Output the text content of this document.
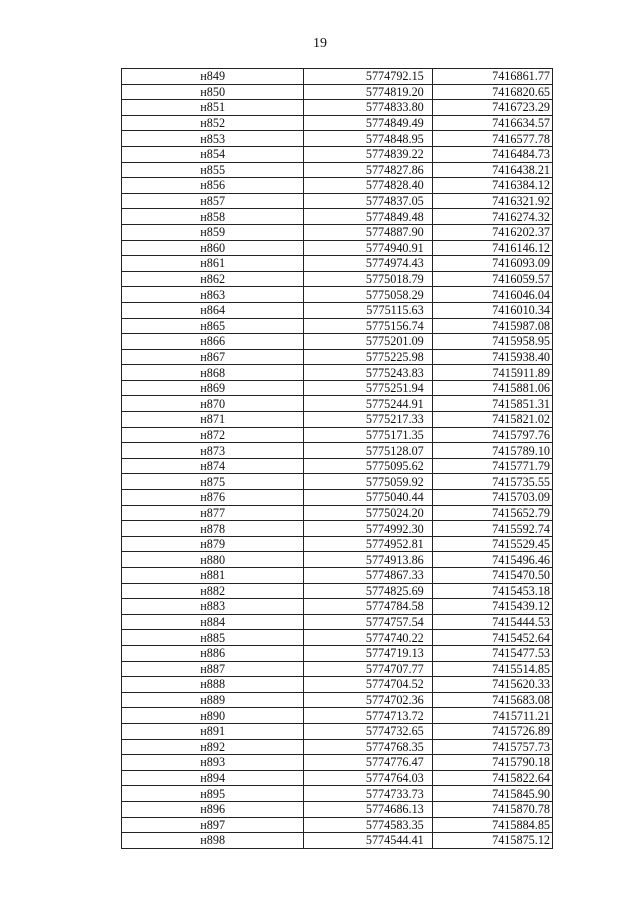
19
н849	5774792.15	7416861.77
н850	5774819.20	7416820.65
н851	5774833.80	7416723.29
н852	5774849.49	7416634.57
н853	5774848.95	7416577.78
н854	5774839.22	7416484.73
н855	5774827.86	7416438.21
н856	5774828.40	7416384.12
н857	5774837.05	7416321.92
н858	5774849.48	7416274.32
н859	5774887.90	7416202.37
н860	5774940.91	7416146.12
н861	5774974.43	7416093.09
н862	5775018.79	7416059.57
н863	5775058.29	7416046.04
н864	5775115.63	7416010.34
н865	5775156.74	7415987.08
н866	5775201.09	7415958.95
н867	5775225.98	7415938.40
н868	5775243.83	7415911.89
н869	5775251.94	7415881.06
н870	5775244.91	7415851.31
н871	5775217.33	7415821.02
н872	5775171.35	7415797.76
н873	5775128.07	7415789.10
н874	5775095.62	7415771.79
н875	5775059.92	7415735.55
н876	5775040.44	7415703.09
н877	5775024.20	7415652.79
н878	5774992.30	7415592.74
н879	5774952.81	7415529.45
н880	5774913.86	7415496.46
н881	5774867.33	7415470.50
н882	5774825.69	7415453.18
н883	5774784.58	7415439.12
н884	5774757.54	7415444.53
н885	5774740.22	7415452.64
н886	5774719.13	7415477.53
н887	5774707.77	7415514.85
н888	5774704.52	7415620.33
н889	5774702.36	7415683.08
н890	5774713.72	7415711.21
н891	5774732.65	7415726.89
н892	5774768.35	7415757.73
н893	5774776.47	7415790.18
н894	5774764.03	7415822.64
н895	5774733.73	7415845.90
н896	5774686.13	7415870.78
н897	5774583.35	7415884.85
н898	5774544.41	7415875.12
